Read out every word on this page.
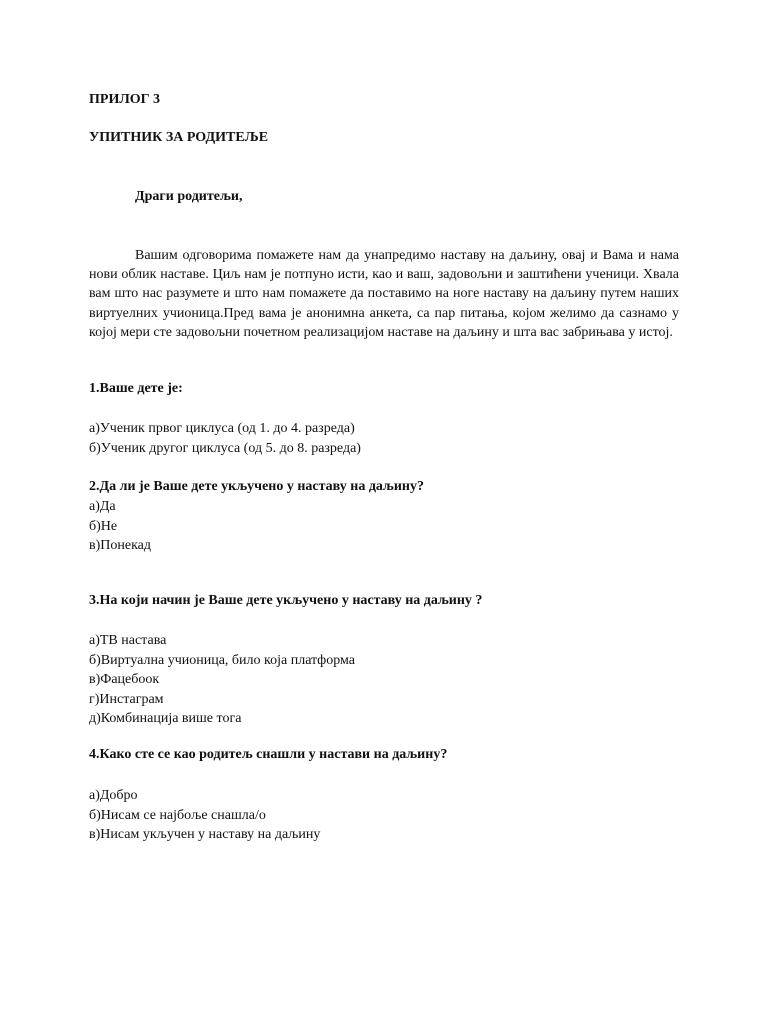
ПРИЛОГ 3

УПИТНИК ЗА РОДИТЕЉЕ

Драги родитељи,

Вашим одговорима помажете нам да унапредимо наставу на даљину, овај и Вама и нама нови облик наставе. Циљ нам је потпуно исти, као и ваш, задовољни и заштићени ученици. Хвала вам што нас разумете и што нам помажете да поставимо на ноге наставу на даљину путем наших виртуелних учионица.Пред вама је анонимна анкета, са пар питања, којом желимо да сазнамо у којој мери сте задовољни почетном реализацијом наставе на даљину и шта вас забрињава у истој.

1.Ваше дете је:

а)Ученик првог циклуса (од 1. до 4. разреда)
б)Ученик другог циклуса (од 5. до 8. разреда)

2.Да ли је Ваше дете укључено у наставу на даљину?

а)Да
б)Не
в)Понекад

3.На који начин је Ваше дете укључено у наставу на даљину ?

а)ТВ настава
б)Виртуална учионица, било која платформа
в)Фацебоок
г)Инстаграм
д)Комбинација више тога

4.Како сте се као родитељ снашли у настави на даљину?

а)Добро
б)Нисам се најбоље снашла/о
в)Нисам укључен у наставу на даљину
